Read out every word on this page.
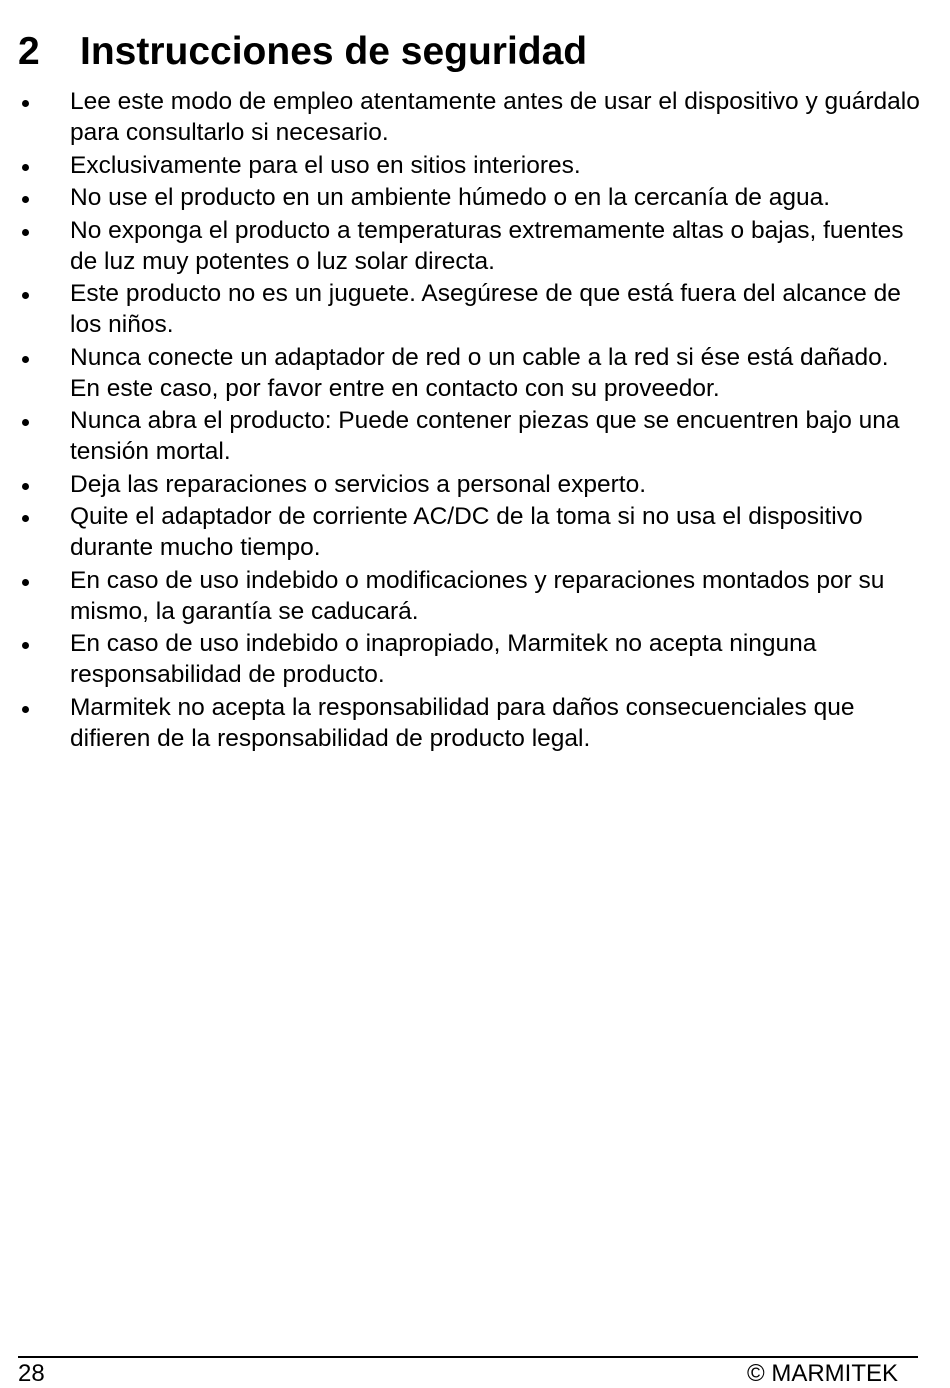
2 Instrucciones de seguridad
Lee este modo de empleo atentamente antes de usar el dispositivo y guárdalo para consultarlo si necesario.
Exclusivamente para el uso en sitios interiores.
No use el producto en un ambiente húmedo o en la cercanía de agua.
No exponga el producto a temperaturas extremamente altas o bajas, fuentes de luz muy potentes o luz solar directa.
Este producto no es un juguete. Asegúrese de que está fuera del alcance de los niños.
Nunca conecte un adaptador de red o un cable a la red si ése está dañado. En este caso, por favor entre en contacto con su proveedor.
Nunca abra el producto: Puede contener piezas que se encuentren bajo una tensión mortal.
Deja las reparaciones o servicios a personal experto.
Quite el adaptador de corriente AC/DC de la toma si no usa el dispositivo durante mucho tiempo.
En caso de uso indebido o modificaciones y reparaciones montados por su mismo, la garantía se caducará.
En caso de uso indebido o inapropiado, Marmitek no acepta ninguna responsabilidad de producto.
Marmitek no acepta la responsabilidad para daños consecuenciales que difieren de la responsabilidad de producto legal.
28	© MARMITEK
